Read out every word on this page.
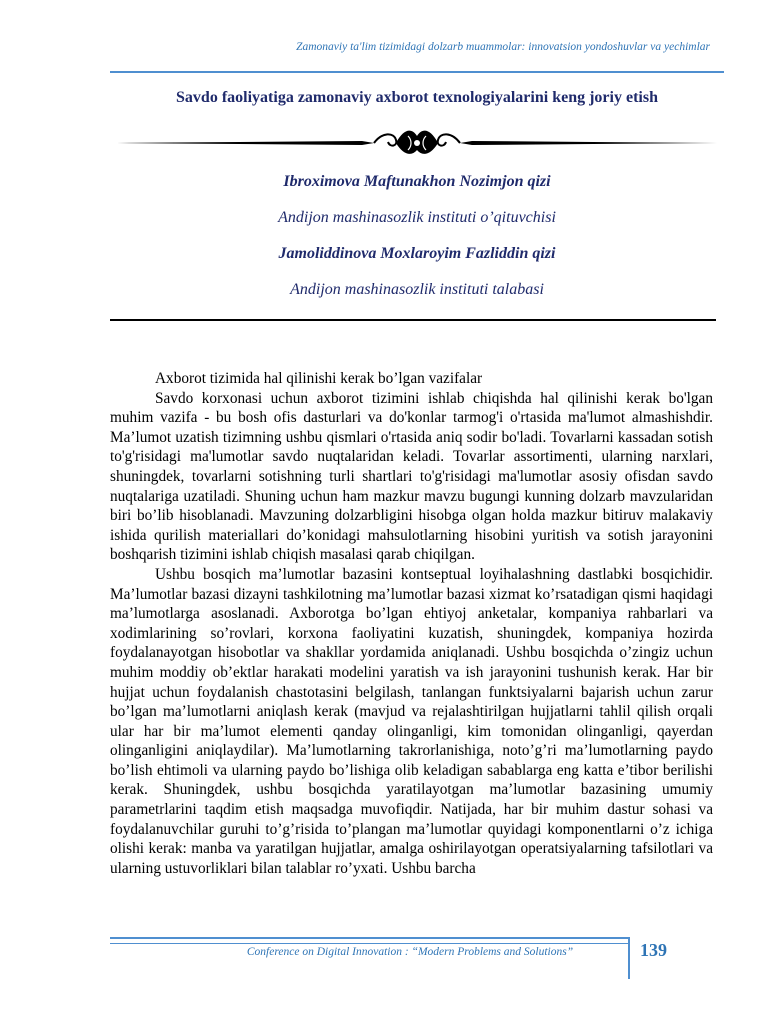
Zamonaviy ta'lim tizimidagi dolzarb muammolar: innovatsion yondoshuvlar va yechimlar
Savdo faoliyatiga zamonaviy axborot texnologiyalarini keng joriy etish
Ibroximova Maftunakhon Nozimjon qizi
Andijon mashinasozlik instituti o’qituvchisi
Jamoliddinova Moxlaroyim Fazliddin qizi
Andijon mashinasozlik instituti talabasi

Axborot tizimida hal qilinishi kerak bo’lgan vazifalar

Savdo korxonasi uchun axborot tizimini ishlab chiqishda hal qilinishi kerak bo'lgan muhim vazifa - bu bosh ofis dasturlari va do'konlar tarmog'i o'rtasida ma'lumot almashishdir. Ma’lumot uzatish tizimning ushbu qismlari o'rtasida aniq sodir bo'ladi. Tovarlarni kassadan sotish to'g'risidagi ma'lumotlar savdo nuqtalaridan keladi. Tovarlar assortimenti, ularning narxlari, shuningdek, tovarlarni sotishning turli shartlari to'g'risidagi ma'lumotlar asosiy ofisdan savdo nuqtalariga uzatiladi. Shuning uchun ham mazkur mavzu bugungi kunning dolzarb mavzularidan biri bo’lib hisoblanadi. Mavzuning dolzarbligini hisobga olgan holda mazkur bitiruv malakaviy ishida qurilish materiallari do’konidagi mahsulotlarning hisobini yuritish va sotish jarayonini boshqarish tizimini ishlab chiqish masalasi qarab chiqilgan.

Ushbu bosqich ma’lumotlar bazasini kontseptual loyihalashning dastlabki bosqichidir. Ma’lumotlar bazasi dizayni tashkilotning ma’lumotlar bazasi xizmat ko’rsatadigan qismi haqidagi ma’lumotlarga asoslanadi. Axborotga bo’lgan ehtiyoj anketalar, kompaniya rahbarlari va xodimlarining so’rovlari, korxona faoliyatini kuzatish, shuningdek, kompaniya hozirda foydalanayotgan hisobotlar va shakllar yordamida aniqlanadi. Ushbu bosqichda o’zingiz uchun muhim moddiy ob’ektlar harakati modelini yaratish va ish jarayonini tushunish kerak. Har bir hujjat uchun foydalanish chastotasini belgilash, tanlangan funktsiyalarni bajarish uchun zarur bo’lgan ma’lumotlarni aniqlash kerak (mavjud va rejalashtirilgan hujjatlarni tahlil qilish orqali ular har bir ma’lumot elementi qanday olinganligi, kim tomonidan olinganligi, qayerdan olinganligini aniqlaydilar). Ma’lumotlarning takrorlanishiga, noto’g’ri ma’lumotlarning paydo bo’lish ehtimoli va ularning paydo bo’lishiga olib keladigan sabablarga eng katta e’tibor berilishi kerak. Shuningdek, ushbu bosqichda yaratilayotgan ma’lumotlar bazasining umumiy parametrlarini taqdim etish maqsadga muvofiqdir. Natijada, har bir muhim dastur sohasi va foydalanuvchilar guruhi to’g’risida to’plangan ma’lumotlar quyidagi komponentlarni o’z ichiga olishi kerak: manba va yaratilgan hujjatlar, amalga oshirilayotgan operatsiyalarning tafsilotlari va ularning ustuvorliklari bilan talablar ro’yxati. Ushbu barcha

Conference on Digital Innovation : “Modern Problems and Solutions”	139
